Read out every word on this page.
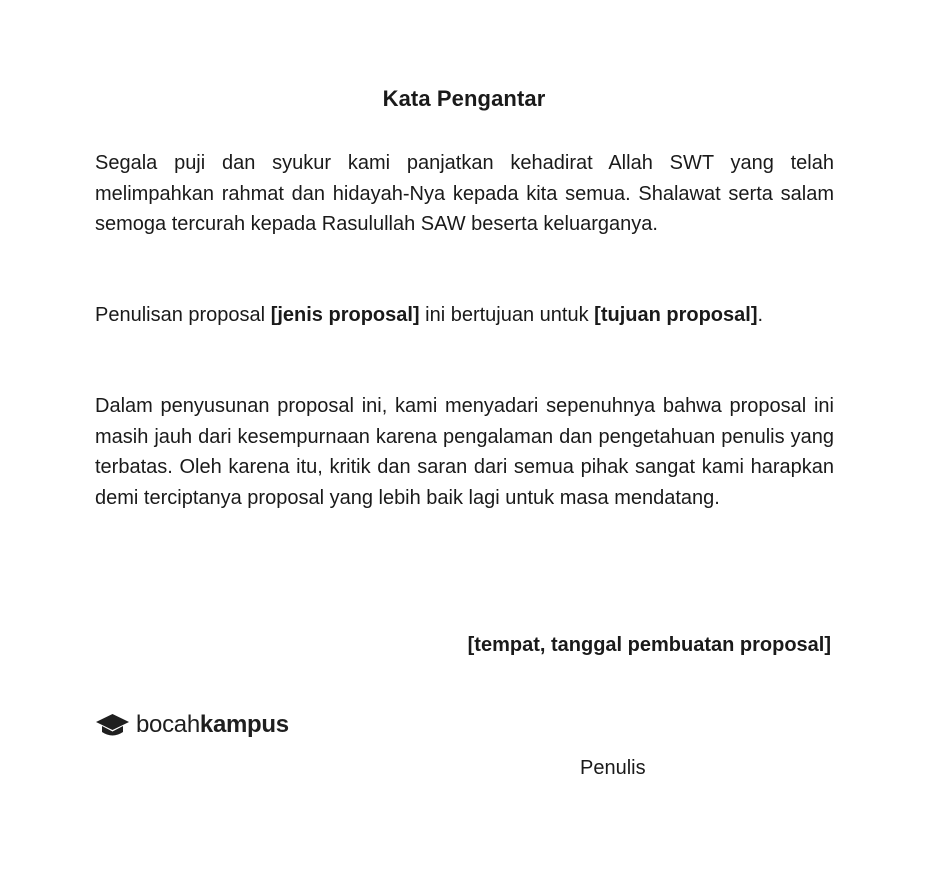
Kata Pengantar

Segala puji dan syukur kami panjatkan kehadirat Allah SWT yang telah melimpahkan rahmat dan hidayah-Nya kepada kita semua. Shalawat serta salam semoga tercurah kepada Rasulullah SAW beserta keluarganya.

Penulisan proposal [jenis proposal] ini bertujuan untuk [tujuan proposal].

Dalam penyusunan proposal ini, kami menyadari sepenuhnya bahwa proposal ini masih jauh dari kesempurnaan karena pengalaman dan pengetahuan penulis yang terbatas. Oleh karena itu, kritik dan saran dari semua pihak sangat kami harapkan demi terciptanya proposal yang lebih baik lagi untuk masa mendatang.

[tempat, tanggal pembuatan proposal]

bocahkampus

Penulis
